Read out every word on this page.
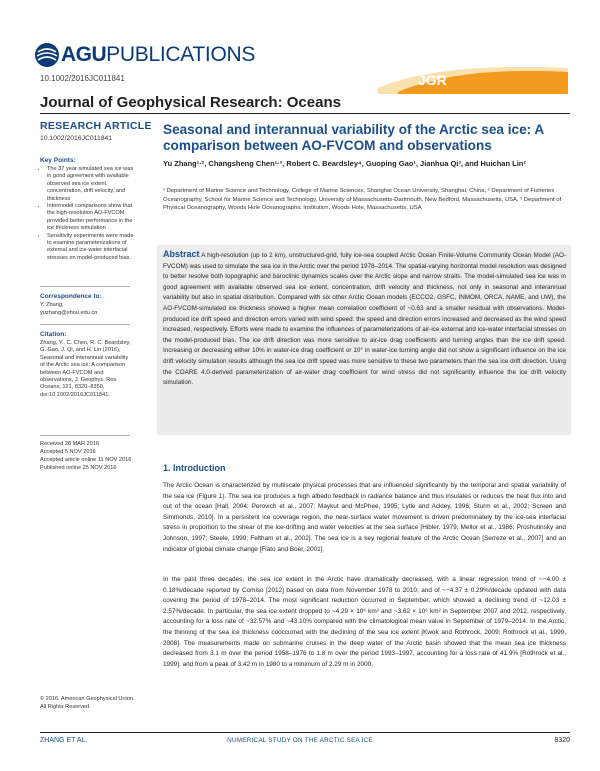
AGU PUBLICATIONS
10.1002/2016JC011841	JGR
Journal of Geophysical Research: Oceans
RESEARCH ARTICLE
10.1002/2016JC011841
Key Points:
• The 37 year simulated sea ice was in good agreement with available observed sea ice extent, concentration, drift velocity, and thickness
• Intermodel comparisons show that the high-resolution AO-FVCOM provided better performance in the ice thickness simulation
• Sensitivity experiments were made to examine parameterizations of external and ice-water interfacial stresses on model-produced bias.
Correspondence to:
Y. Zhang,
yuzhang@shou.edu.cn
Citation:
Zhang, Y., C. Chen, R. C. Beardsley, G. Gao, J. Qi, and H. Lin (2016), Seasonal and interannual variability of the Arctic sea ice: A comparison between AO-FVCOM and observations, J. Geophys. Res. Oceans, 121, 8320–8350, doi:10.1002/2016JC011841.
Received 28 MAR 2016
Accepted 5 NOV 2016
Accepted article online 11 NOV 2016
Published online 25 NOV 2016
© 2016. American Geophysical Union.
All Rights Reserved.
Seasonal and interannual variability of the Arctic sea ice: A comparison between AO-FVCOM and observations
Yu Zhang¹·², Changsheng Chen¹·³, Robert C. Beardsley⁴, Guoping Gao¹, Jianhua Qi³, and Huichan Lin²
¹ Department of Marine Science and Technology, College of Marine Sciences, Shanghai Ocean University, Shanghai, China, ² Department of Fisheries Oceanography, School for Marine Science and Technology, University of Massachusetts-Dartmouth, New Bedford, Massachusetts, USA, ³ Department of Physical Oceanography, Woods Hole Oceanographic Institution, Woods Hole, Massachusetts, USA
Abstract A high-resolution (up to 2 km), unstructured-grid, fully ice-sea coupled Arctic Ocean Finite-Volume Community Ocean Model (AO-FVCOM) was used to simulate the sea ice in the Arctic over the period 1978–2014. The spatial-varying horizontal model resolution was designed to better resolve both topographic and baroclinic dynamics scales over the Arctic slope and narrow straits. The model-simulated sea ice was in good agreement with available observed sea ice extent, concentration, drift velocity and thickness, not only in seasonal and interannual variability but also in spatial distribution. Compared with six other Arctic Ocean models (ECCO2, GSFC, INMOM, ORCA, NAME, and UW), the AO-FVCOM-simulated ice thickness showed a higher mean correlation coefficient of ~0.63 and a smaller residual with observations. Model-produced ice drift speed and direction errors varied with wind speed: the speed and direction errors increased and decreased as the wind speed increased, respectively. Efforts were made to examine the influences of parameterizations of air-ice external and ice-water interfacial stresses on the model-produced bias. The ice drift direction was more sensitive to air-ice drag coefficients and turning angles than the ice drift speed. Increasing or decreasing either 10% in water-ice drag coefficient or 10° in water-ice turning angle did not show a significant influence on the ice drift velocity simulation results although the sea ice drift speed was more sensitive to these two parameters than the sea ice drift direction. Using the COARE 4.0-derived parameterization of air-water drag coefficient for wind stress did not significantly influence the ice drift velocity simulation.
1. Introduction
The Arctic Ocean is characterized by multiscale physical processes that are influenced significantly by the temporal and spatial variability of the sea ice (Figure 1). The sea ice produces a high albedo feedback in radiance balance and thus insulates or reduces the heat flux into and out of the ocean [Hall, 2004; Perovich et al., 2007; Maykut and McPhee, 1995; Lytle and Ackley, 1996; Sturm et al., 2002; Screen and Simmonds, 2010]. In a persistent ice coverage region, the near-surface water movement is driven predominately by the ice-sea interfacial stress in proportion to the shear of the ice-drifting and water velocities at the sea surface [Hibler, 1979; Mellor et al., 1986; Proshutinsky and Johnson, 1997; Steele, 1999; Feltham et al., 2002]. The sea ice is a key regional feature of the Arctic Ocean [Serreze et al., 2007] and an indicator of global climate change [Flato and Boer, 2001].
In the past three decades, the sea ice extent in the Arctic have dramatically decreased, with a linear regression trend of ~−4.00 ± 0.18%/decade reported by Comiso [2012] based on data from November 1978 to 2010, and of ~−4.37 ± 0.29%/decade updated with data covering the period of 1978–2014. The most significant reduction occurred in September, which showed a declining trend of ~12.03 ± 2.57%/decade. In particular, the sea ice extent dropped to ~4.29 × 10⁶ km² and ~3.62 × 10⁶ km² in September 2007 and 2012, respectively, accounting for a loss rate of ~32.57% and ~43.10% compared with the climatological mean value in September of 1979–2014. In the Arctic, the thinning of the sea ice thickness cooccurred with the declining of the sea ice extent [Kwok and Rothrock, 2009; Rothrock et al., 1999, 2008]. The measurements made on submarine cruises in the deep water of the Arctic basin showed that the mean sea ice thickness decreased from 3.1 m over the period 1958–1976 to 1.8 m over the period 1993–1997, accounting for a loss rate of 41.9% [Rothrock et al., 1999], and from a peak of 3.42 m in 1980 to a minimum of 2.29 m in 2000,
ZHANG ET AL.	NUMERICAL STUDY ON THE ARCTIC SEA ICE	8320
